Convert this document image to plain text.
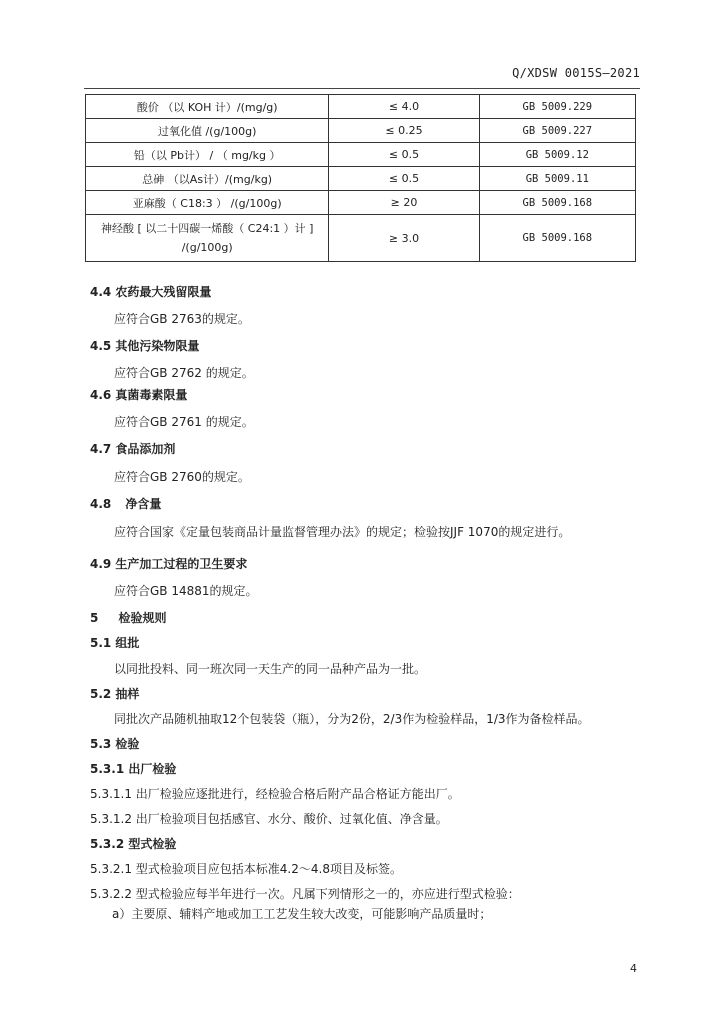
Q/XDSW 0015S—2021
酸价 （以 KOH 计）/(mg/g)	≤ 4.0	GB 5009.229
过氧化值 /(g/100g)	≤ 0.25	GB 5009.227
铅（以 Pb计） / （ mg/kg ）	≤ 0.5	GB 5009.12
总砷 （以As计）/(mg/kg)	≤ 0.5	GB 5009.11
亚麻酸（ C18:3 ） /(g/100g)	≥ 20	GB 5009.168
神经酸 [ 以二十四碳一烯酸（ C24:1 ）计 ]
/(g/100g)	≥ 3.0	GB 5009.168
4.4 农药最大残留限量
应符合GB 2763的规定。
4.5 其他污染物限量
应符合GB 2762 的规定。
4.6 真菌毒素限量
应符合GB 2761 的规定。
4.7 食品添加剂
应符合GB 2760的规定。
4.8 净含量
应符合国家《定量包装商品计量监督管理办法》的规定；检验按JJF 1070的规定进行。
4.9 生产加工过程的卫生要求
应符合GB 14881的规定。
5 检验规则
5.1 组批
以同批投料、同一班次同一天生产的同一品种产品为一批。
5.2 抽样
同批次产品随机抽取12个包装袋（瓶），分为2份，2/3作为检验样品，1/3作为备检样品。
5.3 检验
5.3.1 出厂检验
5.3.1.1 出厂检验应逐批进行，经检验合格后附产品合格证方能出厂。
5.3.1.2 出厂检验项目包括感官、水分、酸价、过氧化值、净含量。
5.3.2 型式检验
5.3.2.1 型式检验项目应包括本标准4.2～4.8项目及标签。
5.3.2.2 型式检验应每半年进行一次。凡属下列情形之一的，亦应进行型式检验：
a）主要原、辅料产地或加工工艺发生较大改变，可能影响产品质量时；
4
